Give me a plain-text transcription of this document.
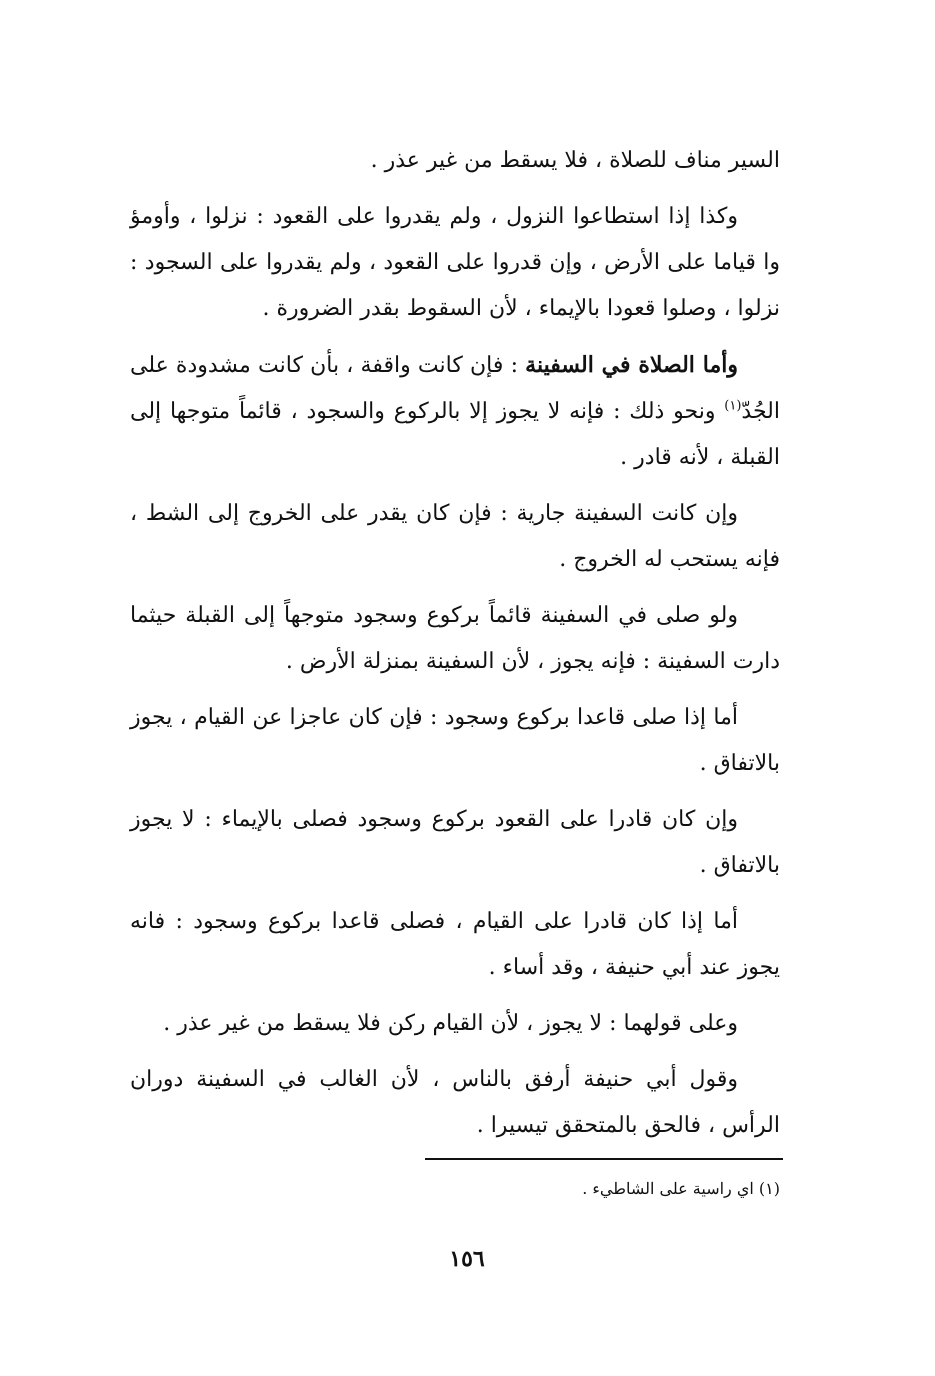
السير مناف للصلاة ، فلا يسقط من غير عذر .

وكذا إذا استطاعوا النزول ، ولم يقدروا على القعود : نزلوا ، وأومؤ وا قياما على الأرض ، وإن قدروا على القعود ، ولم يقدروا على السجود : نزلوا ، وصلوا قعودا بالإيماء ، لأن السقوط بقدر الضرورة .

وأما الصلاة في السفينة : فإن كانت واقفة ، بأن كانت مشدودة على الجُدّ$^{(١)}$ ونحو ذلك : فإنه لا يجوز إلا بالركوع والسجود ، قائماً متوجها إلى القبلة ، لأنه قادر .

وإن كانت السفينة جارية : فإن كان يقدر على الخروج إلى الشط ، فإنه يستحب له الخروج .

ولو صلى في السفينة قائماً بركوع وسجود متوجهاً إلى القبلة حيثما دارت السفينة : فإنه يجوز ، لأن السفينة بمنزلة الأرض .

أما إذا صلى قاعدا بركوع وسجود : فإن كان عاجزا عن القيام ، يجوز بالاتفاق .

وإن كان قادرا على القعود بركوع وسجود فصلى بالإيماء : لا يجوز بالاتفاق .

أما إذا كان قادرا على القيام ، فصلى قاعدا بركوع وسجود : فانه يجوز عند أبي حنيفة ، وقد أساء .

وعلى قولهما : لا يجوز ، لأن القيام ركن فلا يسقط من غير عذر .

وقول أبي حنيفة أرفق بالناس ، لأن الغالب في السفينة دوران الرأس ، فالحق بالمتحقق تيسيرا .

(١) اي راسية على الشاطيء .
١٥٦
